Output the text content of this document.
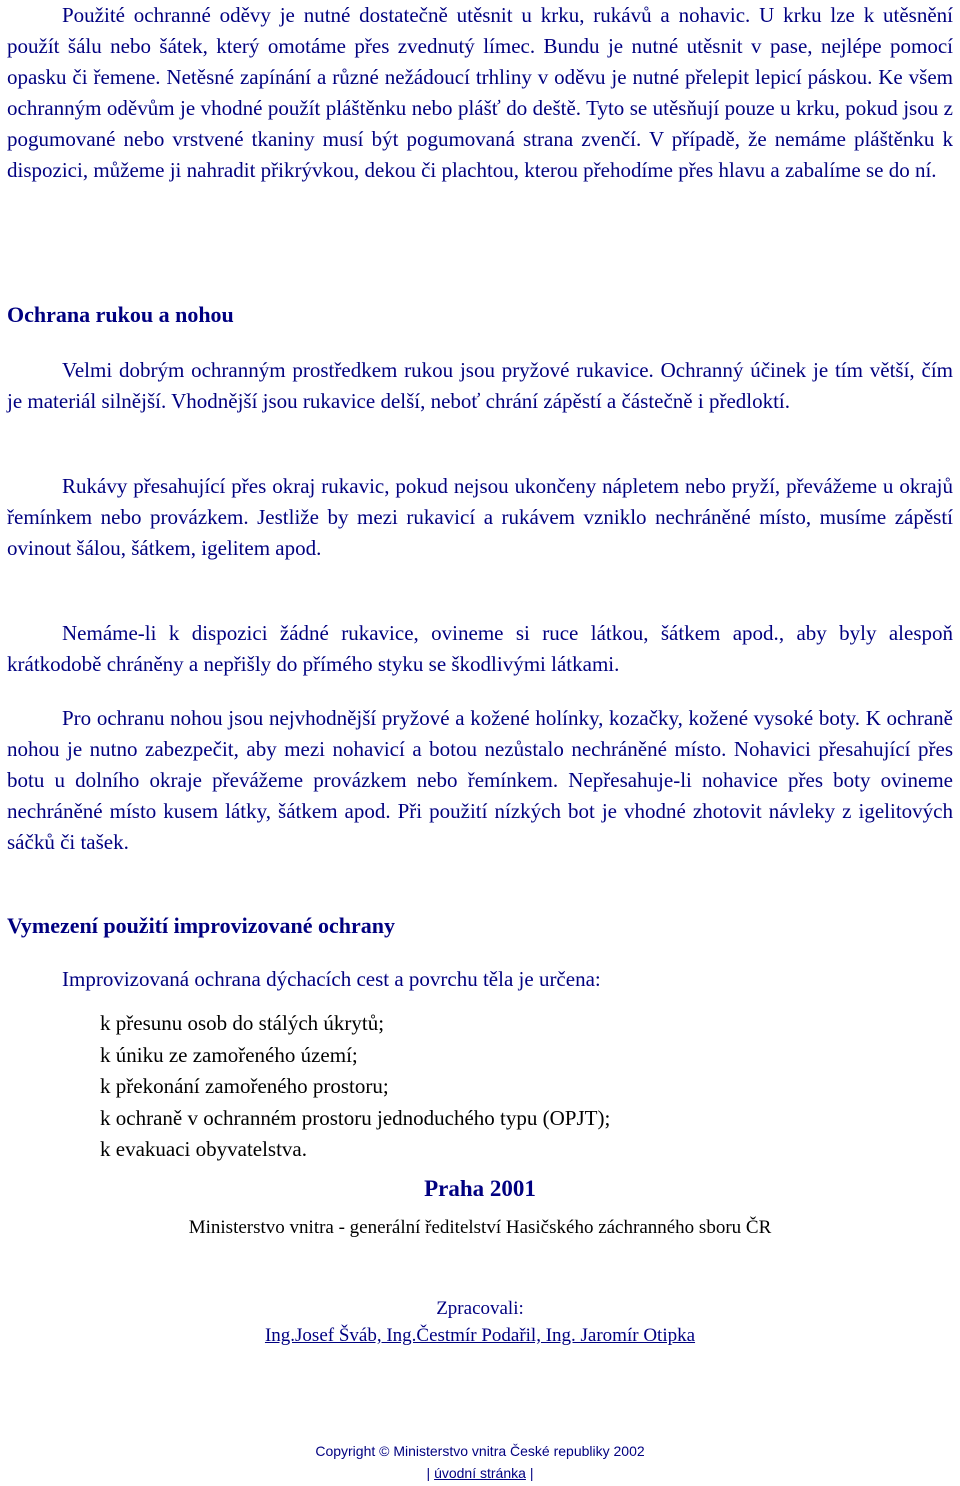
Použité ochranné oděvy je nutné dostatečně utěsnit u krku, rukávů a nohavic. U krku lze k utěsnění použít šálu nebo šátek, který omotáme přes zvednutý límec. Bundu je nutné utěsnit v pase, nejlépe pomocí opasku či řemene. Netěsné zapínání a různé nežádoucí trhliny v oděvu je nutné přelepit lepicí páskou. Ke všem ochranným oděvům je vhodné použít pláštěnku nebo plášť do deště. Tyto se utěsňují pouze u krku, pokud jsou z pogumované nebo vrstvené tkaniny musí být pogumovaná strana zvenčí. V případě, že nemáme pláštěnku k dispozici, můžeme ji nahradit přikrývkou, dekou či plachtou, kterou přehodíme přes hlavu a zabalíme se do ní.

Ochrana rukou a nohou

Velmi dobrým ochranným prostředkem rukou jsou pryžové rukavice. Ochranný účinek je tím větší, čím je materiál silnější. Vhodnější jsou rukavice delší, neboť chrání zápěstí a částečně i předloktí.

Rukávy přesahující přes okraj rukavic, pokud nejsou ukončeny nápletem nebo pryží, převážeme u okrajů řemínkem nebo provázkem. Jestliže by mezi rukavicí a rukávem vzniklo nechráněné místo, musíme zápěstí ovinout šálou, šátkem, igelitem apod.

Nemáme-li k dispozici žádné rukavice, ovineme si ruce látkou, šátkem apod., aby byly alespoň krátkodobě chráněny a nepřišly do přímého styku se škodlivými látkami.

Pro ochranu nohou jsou nejvhodnější pryžové a kožené holínky, kozačky, kožené vysoké boty. K ochraně nohou je nutno zabezpečit, aby mezi nohavicí a botou nezůstalo nechráněné místo. Nohavici přesahující přes botu u dolního okraje převážeme provázkem nebo řemínkem. Nepřesahuje-li nohavice přes boty ovineme nechráněné místo kusem látky, šátkem apod. Při použití nízkých bot je vhodné zhotovit návleky z igelitových sáčků či tašek.

Vymezení použití improvizované ochrany

Improvizovaná ochrana dýchacích cest a povrchu těla je určena:

k přesunu osob do stálých úkrytů;
k úniku ze zamořeného území;
k překonání zamořeného prostoru;
k ochraně v ochranném prostoru jednoduchého typu (OPJT);
k evakuaci obyvatelstva.

Praha 2001

Ministerstvo vnitra - generální ředitelství Hasičského záchranného sboru ČR

Zpracovali:

Ing.Josef Šváb, Ing.Čestmír Podařil, Ing. Jaromír Otipka

Copyright © Ministerstvo vnitra České republiky 2002

| úvodní stránka |
